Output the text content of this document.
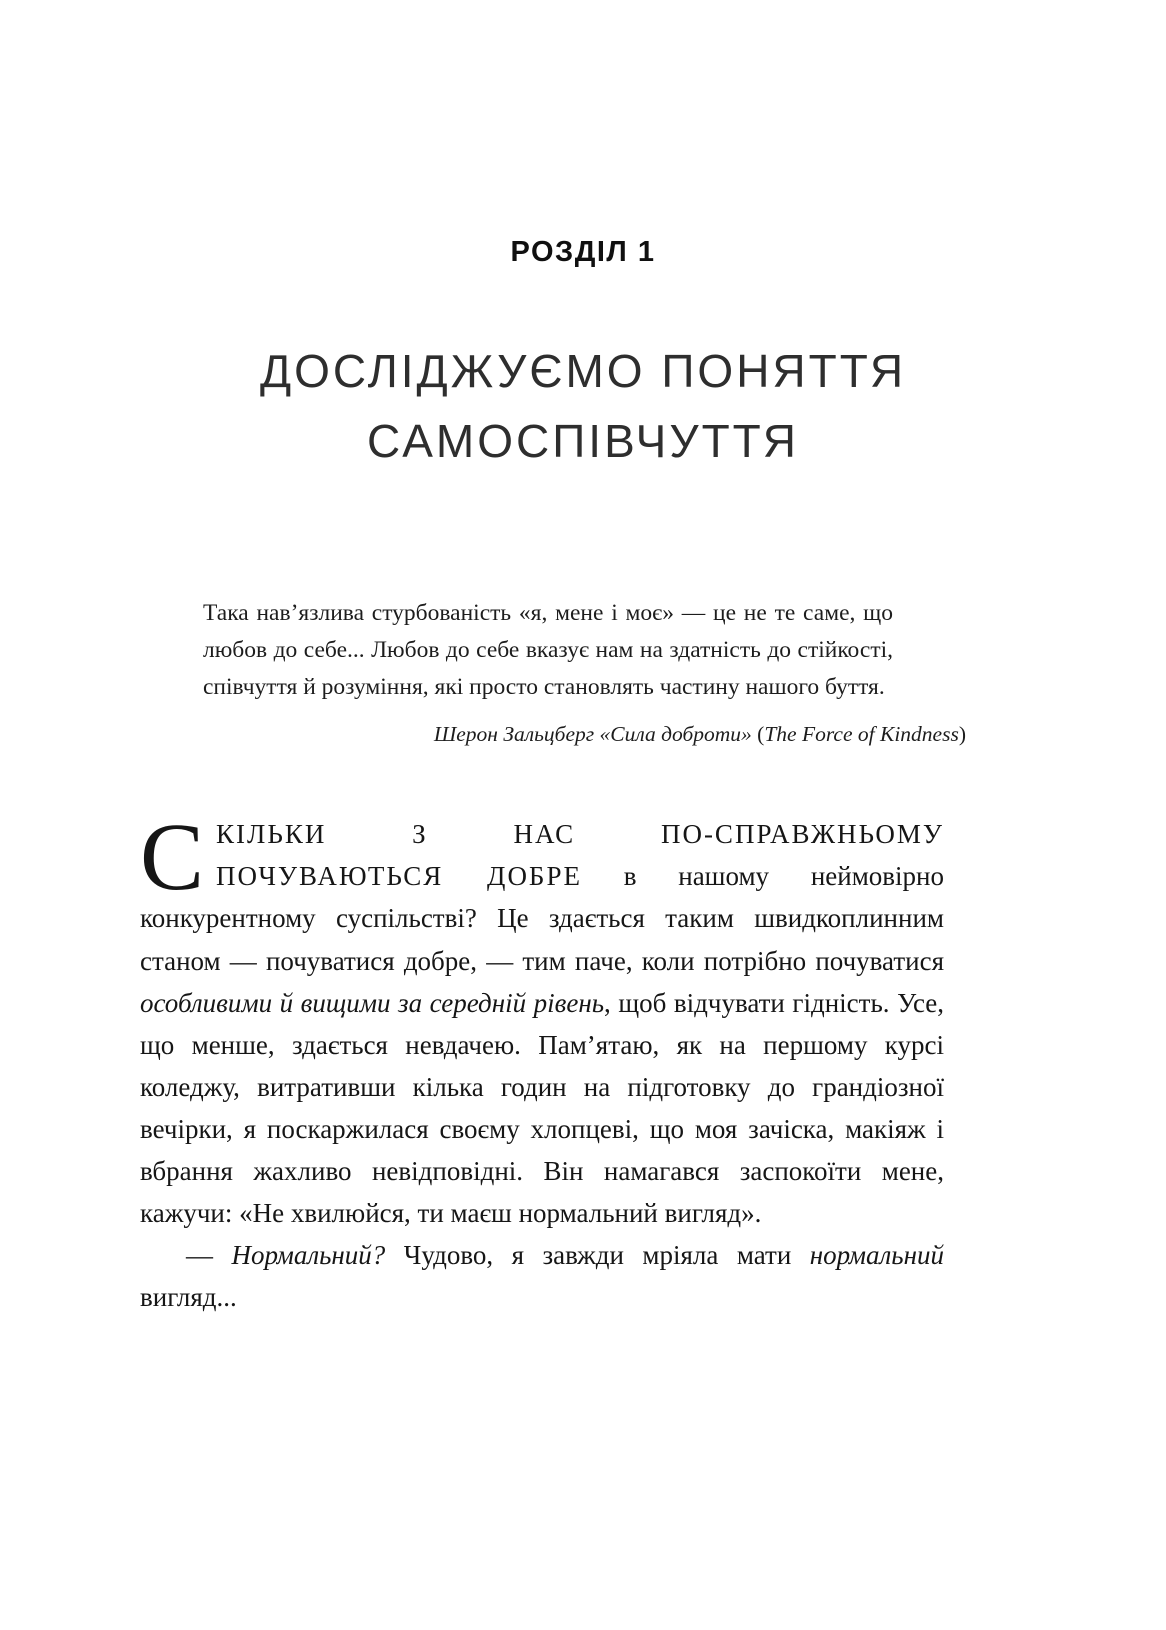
РОЗДІЛ 1
ДОСЛІДЖУЄМО ПОНЯТТЯ
САМОСПІВЧУТТЯ

Така нав’язлива стурбованість «я, мене і моє» — це не те саме, що любов до себе... Любов до себе вказує нам на здатність до стійкості, співчуття й розуміння, які просто становлять частину нашого буття.

Шерон Зальцберг «Сила доброти» (The Force of Kindness)

СКІЛЬКИ З НАС ПО-СПРАВЖНЬОМУ ПОЧУВАЮТЬСЯ ДОБРЕ в нашому неймовірно конкурентному суспільстві? Це здається таким швидкоплинним станом — почуватися добре, — тим паче, коли потрібно почуватися особливими й вищими за середній рівень, щоб відчувати гідність. Усе, що менше, здається невдачею. Пам’ятаю, як на першому курсі коледжу, витративши кілька годин на підготовку до грандіозної вечірки, я поскаржилася своєму хлопцеві, що моя зачіска, макіяж і вбрання жахливо невідповідні. Він намагався заспокоїти мене, кажучи: «Не хвилюйся, ти маєш нормальний вигляд».

— Нормальний? Чудово, я завжди мріяла мати нормальний вигляд...
